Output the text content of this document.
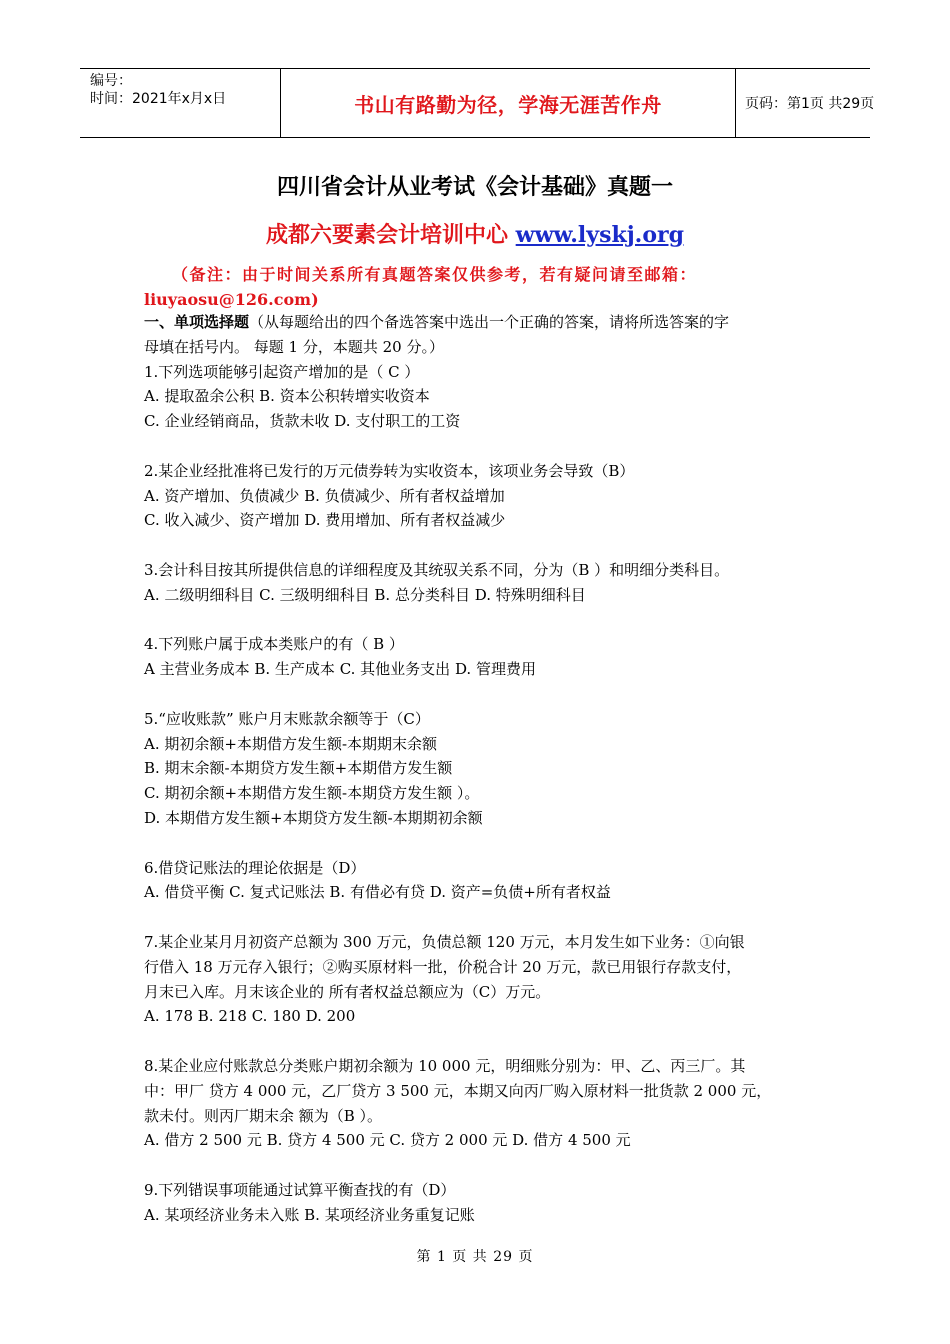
编号：
时间：2021年x月x日	书山有路勤为径，学海无涯苦作舟	页码：第1页 共29页
四川省会计从业考试《会计基础》真题一
成都六要素会计培训中心 www.lyskj.org
（备注：由于时间关系所有真题答案仅供参考，若有疑问请至邮箱：
liuyaosu@126.com)
一、单项选择题（从每题给出的四个备选答案中选出一个正确的答案，请将所选答案的字
母填在括号内。 每题 1 分，本题共 20 分。）
1.下列选项能够引起资产增加的是（ C ）
A. 提取盈余公积 B. 资本公积转增实收资本
C. 企业经销商品，货款未收 D. 支付职工的工资
2.某企业经批准将已发行的万元债券转为实收资本，该项业务会导致（B）
A. 资产增加、负债减少 B. 负债减少、所有者权益增加
C. 收入减少、资产增加 D. 费用增加、所有者权益减少
3.会计科目按其所提供信息的详细程度及其统驭关系不同，分为（B ）和明细分类科目。
A. 二级明细科目 C. 三级明细科目 B. 总分类科目 D. 特殊明细科目
4.下列账户属于成本类账户的有（ B ）
A 主营业务成本 B. 生产成本 C. 其他业务支出 D. 管理费用
5.“应收账款” 账户月末账款余额等于（C）
A. 期初余额+本期借方发生额-本期期末余额
B. 期末余额-本期贷方发生额+本期借方发生额
C. 期初余额+本期借方发生额-本期贷方发生额 ）。
D. 本期借方发生额+本期贷方发生额-本期期初余额
6.借贷记账法的理论依据是（D）
A. 借贷平衡 C. 复式记账法 B. 有借必有贷 D. 资产=负债+所有者权益
7.某企业某月月初资产总额为 300 万元，负债总额 120 万元，本月发生如下业务：①向银
行借入 18 万元存入银行；②购买原材料一批，价税合计 20 万元，款已用银行存款支付，
月末已入库。月末该企业的 所有者权益总额应为（C）万元。
A. 178 B. 218 C. 180 D. 200
8.某企业应付账款总分类账户期初余额为 10 000 元，明细账分别为：甲、乙、丙三厂。其
中：甲厂 贷方 4 000 元，乙厂贷方 3 500 元，本期又向丙厂购入原材料一批货款 2 000 元，
款未付。则丙厂期末余 额为（B ）。
A. 借方 2 500 元 B. 贷方 4 500 元 C. 贷方 2 000 元 D. 借方 4 500 元
9.下列错误事项能通过试算平衡查找的有（D）
A. 某项经济业务未入账 B. 某项经济业务重复记账
第 1 页 共 29 页
